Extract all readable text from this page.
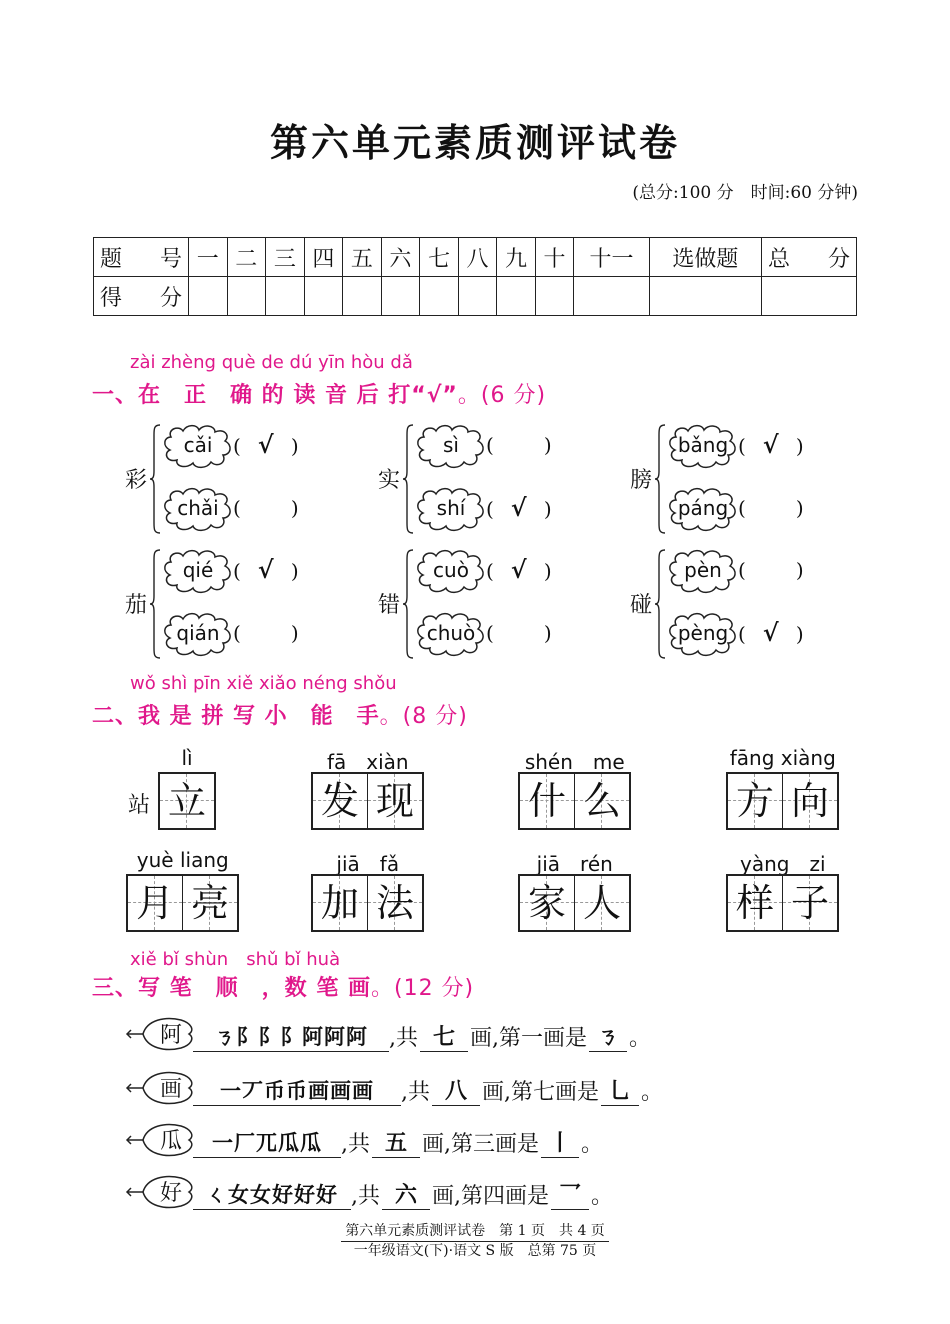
第六单元素质测评试卷
(总分:100 分　时间:60 分钟)
题　号	一	二	三	四	五	六	七	八	九	十	十一	选做题	总　分
得　分													
zài zhèng què de dú yīn hòu dǎ
一、在　正　确 的 读 音 后 打“√”。(6 分)
彩
cǎi	( √ )
chǎi (	)
实
sì	(	)
shí	( √ )
膀
bǎng ( √ )
páng (	)
茄
qié ( √ )
qián (	)
错
cuò ( √ )
chuò (	)
碰
pèn (	)
pèng ( √ )
wǒ shì pīn xiě xiǎo néng shǒu
二、我 是 拼 写 小　能　手。(8 分)
站
lì
立
fā　xiàn
发 现
shén　me
什 么
fāng xiàng
方 向
yuè liang
月 亮
jiā　fǎ
加 法
jiā　rén
家 人
yàng　zi
样 子
xiě bǐ shùn　shǔ bǐ huà
三、写 笔　顺　，数 笔 画。(12 分)
阿	ㄋ阝阝阝阿阿阿 ,共 七 画,第一画是 ㄋ 。
画	一丆币币画画画	,共 八 画,第七画是 乚 。
瓜	一厂兀瓜瓜 ,共 五 画,第三画是 丨 。
好	ㄑ女女好好好 ,共 六 画,第四画是 乛 。
第六单元素质测评试卷　第 1 页　共 4 页
一年级语文(下)·语文 S 版　总第 75 页
